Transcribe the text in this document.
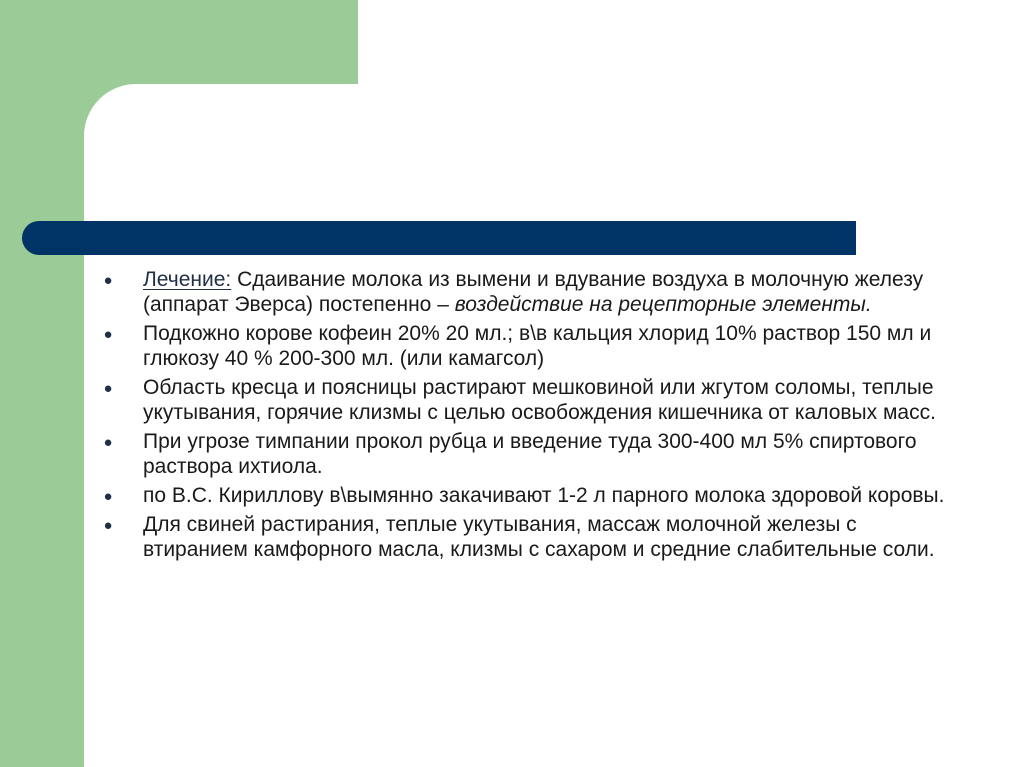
● Лечение: Сдаивание молока из вымени и вдувание воздуха в молочную железу (аппарат Эверса) постепенно – воздействие на рецепторные элементы.
● Подкожно корове кофеин 20% 20 мл.; в\в кальция хлорид 10% раствор 150 мл и глюкозу 40 % 200-300 мл. (или камагсол)
● Область кресца и поясницы растирают мешковиной или жгутом соломы, теплые укутывания, горячие клизмы с целью освобождения кишечника от каловых масс.
● При угрозе тимпании прокол рубца и введение туда 300-400 мл 5% спиртового раствора ихтиола.
● по В.С. Кириллову в\вымянно закачивают 1-2 л парного молока здоровой коровы.
● Для свиней растирания, теплые укутывания, массаж молочной железы с втиранием камфорного масла, клизмы с сахаром и средние слабительные соли.
